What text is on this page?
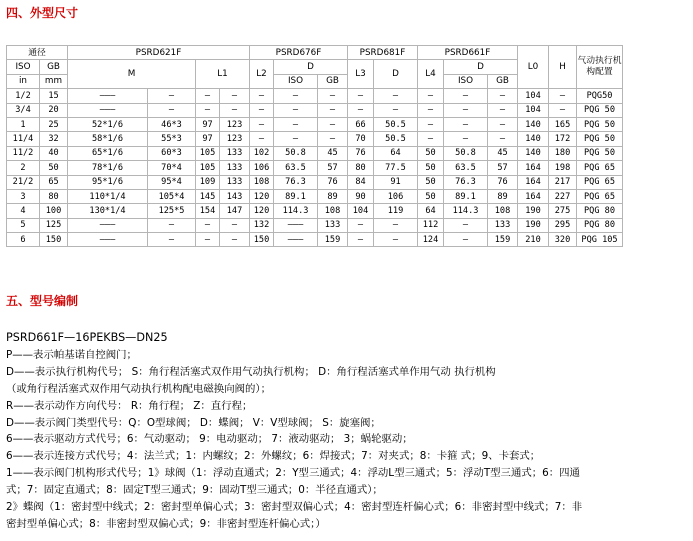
四、外型尺寸
通径		PSRD621F				PSRD676F			PSRD681F		PSRD661F			L0	H	气动执行机构配置
ISO	GB	M		L1		L2	D		L3	D	L4	D				
in	mm						ISO	GB				ISO	GB			
1/2	15	———	—	—	—	—	—	—	—	—	—	—	—	104	—	PQG50
3/4	20	———	—	—	—	—	—	—	—	—	—	—	—	104	—	PQG 50
1	25	52*1/6	46*3	97	123	—	—	—	66	50.5	—	—	—	140	165	PQG 50
11/4	32	58*1/6	55*3	97	123	—	—	—	70	50.5	—	—	—	140	172	PQG 50
11/2	40	65*1/6	60*3	105	133	102	50.8	45	76	64	50	50.8	45	140	180	PQG 50
2	50	78*1/6	70*4	105	133	106	63.5	57	80	77.5	50	63.5	57	164	198	PQG 65
21/2	65	95*1/6	95*4	109	133	108	76.3	76	84	91	50	76.3	76	164	217	PQG 65
3	80	110*1/4	105*4	145	143	120	89.1	89	90	106	50	89.1	89	164	227	PQG 65
4	100	130*1/4	125*5	154	147	120	114.3	108	104	119	64	114.3	108	190	275	PQG 80
5	125	———	—	—	—	132	———	133	—	—	112	—	133	190	295	PQG 80
6	150	———	—	—	—	150	———	159	—	—	124	—	159	210	320	PQG 105
五、型号编制
PSRD661F—16PEKBS—DN25
P——表示帕基诺自控阀门；
D——表示执行机构代号； S：角行程活塞式双作用气动执行机构； D：角行程活塞式单作用气动 执行机构
（或角行程活塞式双作用气动执行机构配电磁换向阀的）；
R——表示动作方向代号： R：角行程； Z：直行程；
D——表示阀门类型代号：Q：O型球阀； D：蝶阀； V：V型球阀； S：旋塞阀；
6——表示驱动方式代号；6：气动驱动； 9：电动驱动； 7：液动驱动； 3；蜗轮驱动；
6——表示连接方式代号；4：法兰式；1：内螺纹；2：外螺纹；6：焊接式；7：对夹式；8：卡箍 式；9、卡套式；
1——表示阀门机构形式代号；1》球阀（1：浮动直通式；2：Y型三通式；4：浮动L型三通式；5：浮动T型三通式；6：四通
式；7：固定直通式；8：固定T型三通式；9：固动T型三通式；0：半径直通式）；
2》蝶阀（1：密封型中线式；2：密封型单偏心式；3：密封型双偏心式；4：密封型连杆偏心式；6：非密封型中线式；7：非
密封型单偏心式；8：非密封型双偏心式；9：非密封型连杆偏心式；）
